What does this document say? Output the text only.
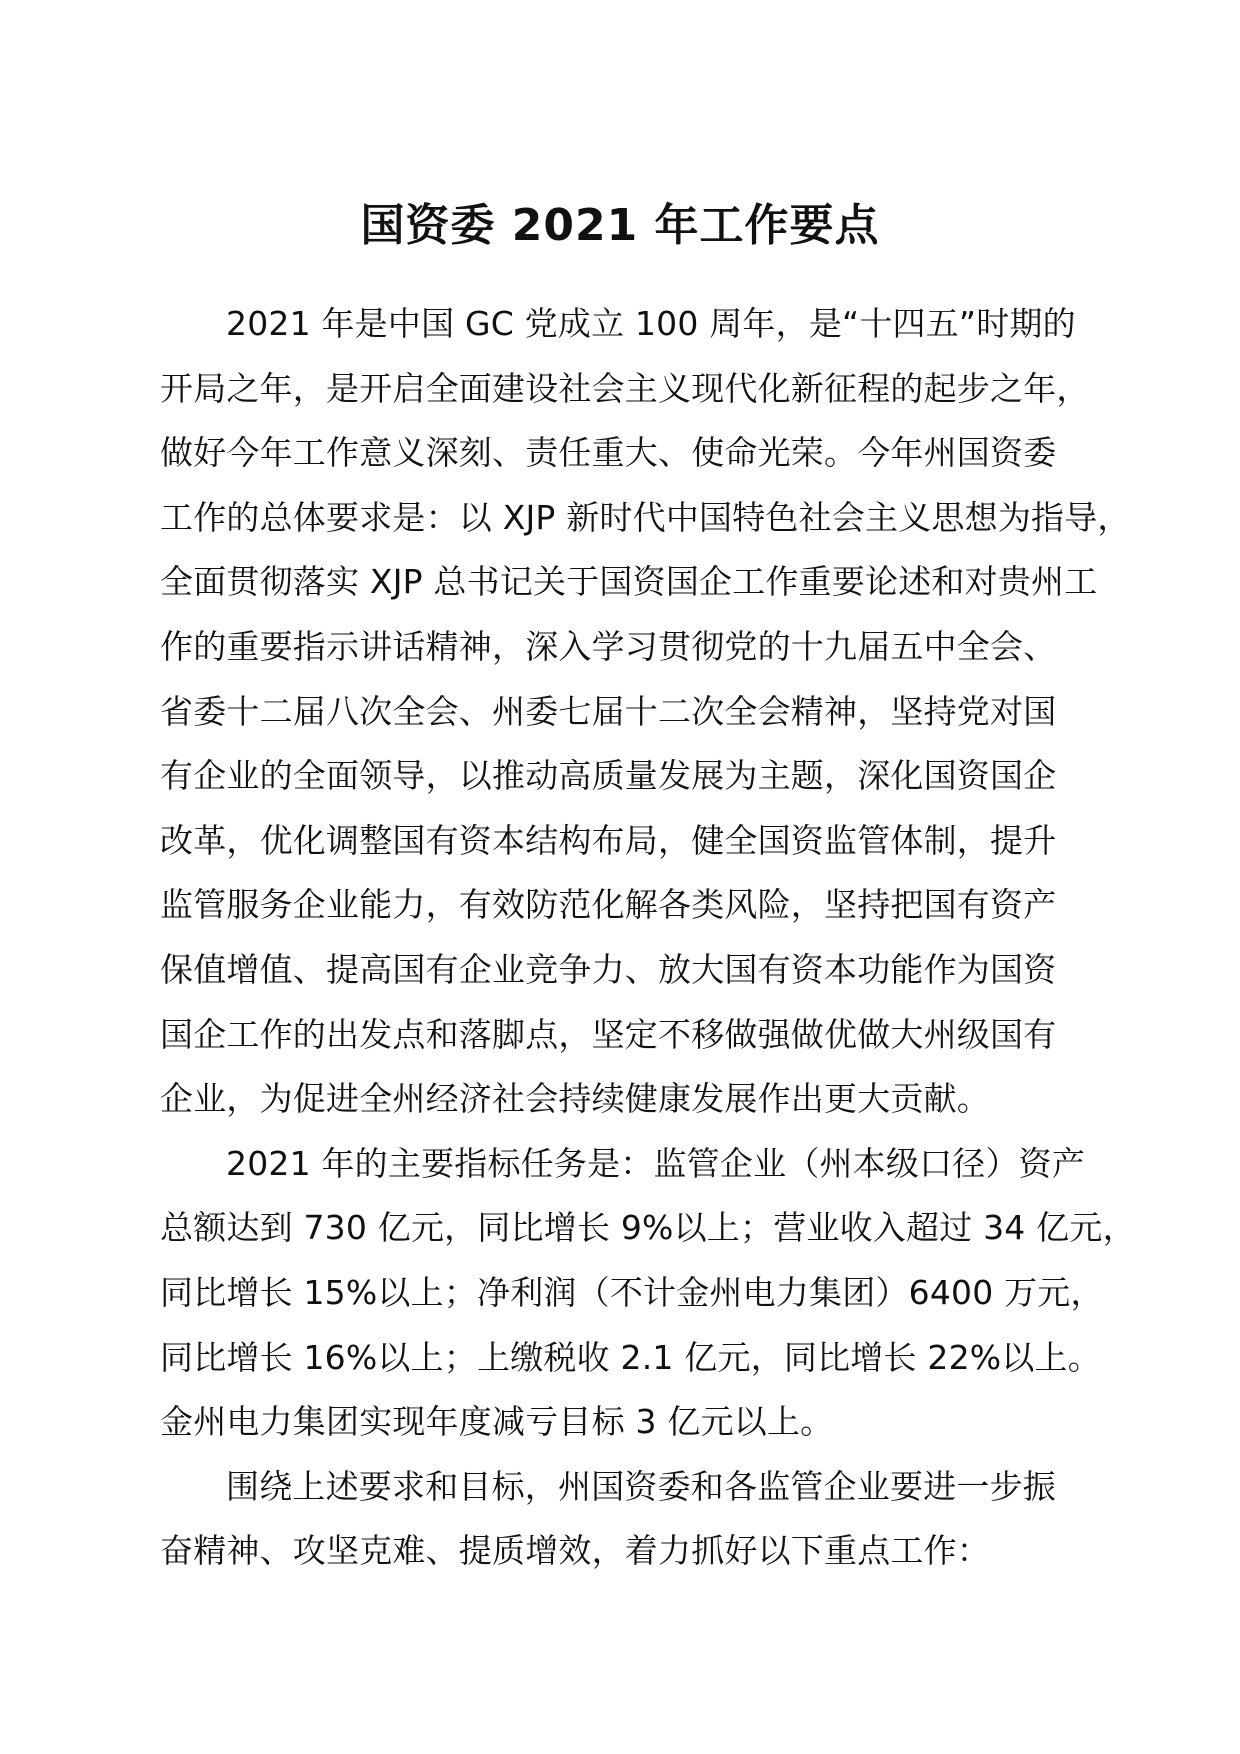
国资委 2021 年工作要点
2021 年是中国 GC 党成立 100 周年，是“十四五”时期的
开局之年，是开启全面建设社会主义现代化新征程的起步之年，
做好今年工作意义深刻、责任重大、使命光荣。今年州国资委
工作的总体要求是：以 XJP 新时代中国特色社会主义思想为指导，
全面贯彻落实 XJP 总书记关于国资国企工作重要论述和对贵州工
作的重要指示讲话精神，深入学习贯彻党的十九届五中全会、
省委十二届八次全会、州委七届十二次全会精神，坚持党对国
有企业的全面领导，以推动高质量发展为主题，深化国资国企
改革，优化调整国有资本结构布局，健全国资监管体制，提升
监管服务企业能力，有效防范化解各类风险，坚持把国有资产
保值增值、提高国有企业竞争力、放大国有资本功能作为国资
国企工作的出发点和落脚点，坚定不移做强做优做大州级国有
企业，为促进全州经济社会持续健康发展作出更大贡献。
2021 年的主要指标任务是：监管企业（州本级口径）资产
总额达到 730 亿元，同比增长 9%以上；营业收入超过 34 亿元，
同比增长 15%以上；净利润（不计金州电力集团）6400 万元，
同比增长 16%以上；上缴税收 2.1 亿元，同比增长 22%以上。
金州电力集团实现年度减亏目标 3 亿元以上。
围绕上述要求和目标，州国资委和各监管企业要进一步振
奋精神、攻坚克难、提质增效，着力抓好以下重点工作：
